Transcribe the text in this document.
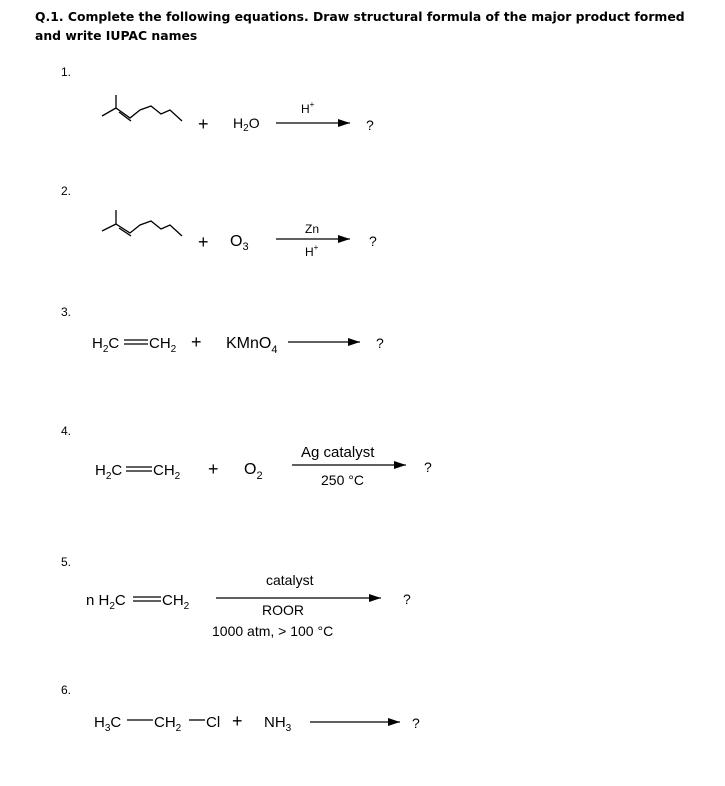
Q.1. Complete the following equations. Draw structural formula of the major product formed
and write IUPAC names
1.
2.
3.
4.
5.
6.
+ $H_2O$
H+
?
+ $O_3$
Zn
H+	?
$H_2C$ $CH_2$ + KMnO$_4$	?
$H_2C$ $CH_2 + O_2$
Ag catalyst
250 °C
?
n $H_2C$ $CH_2$
catalyst
ROOR
1000 atm, > 100 °C
?
$H_3C$ $CH_2$ $Cl + NH_3$	?
